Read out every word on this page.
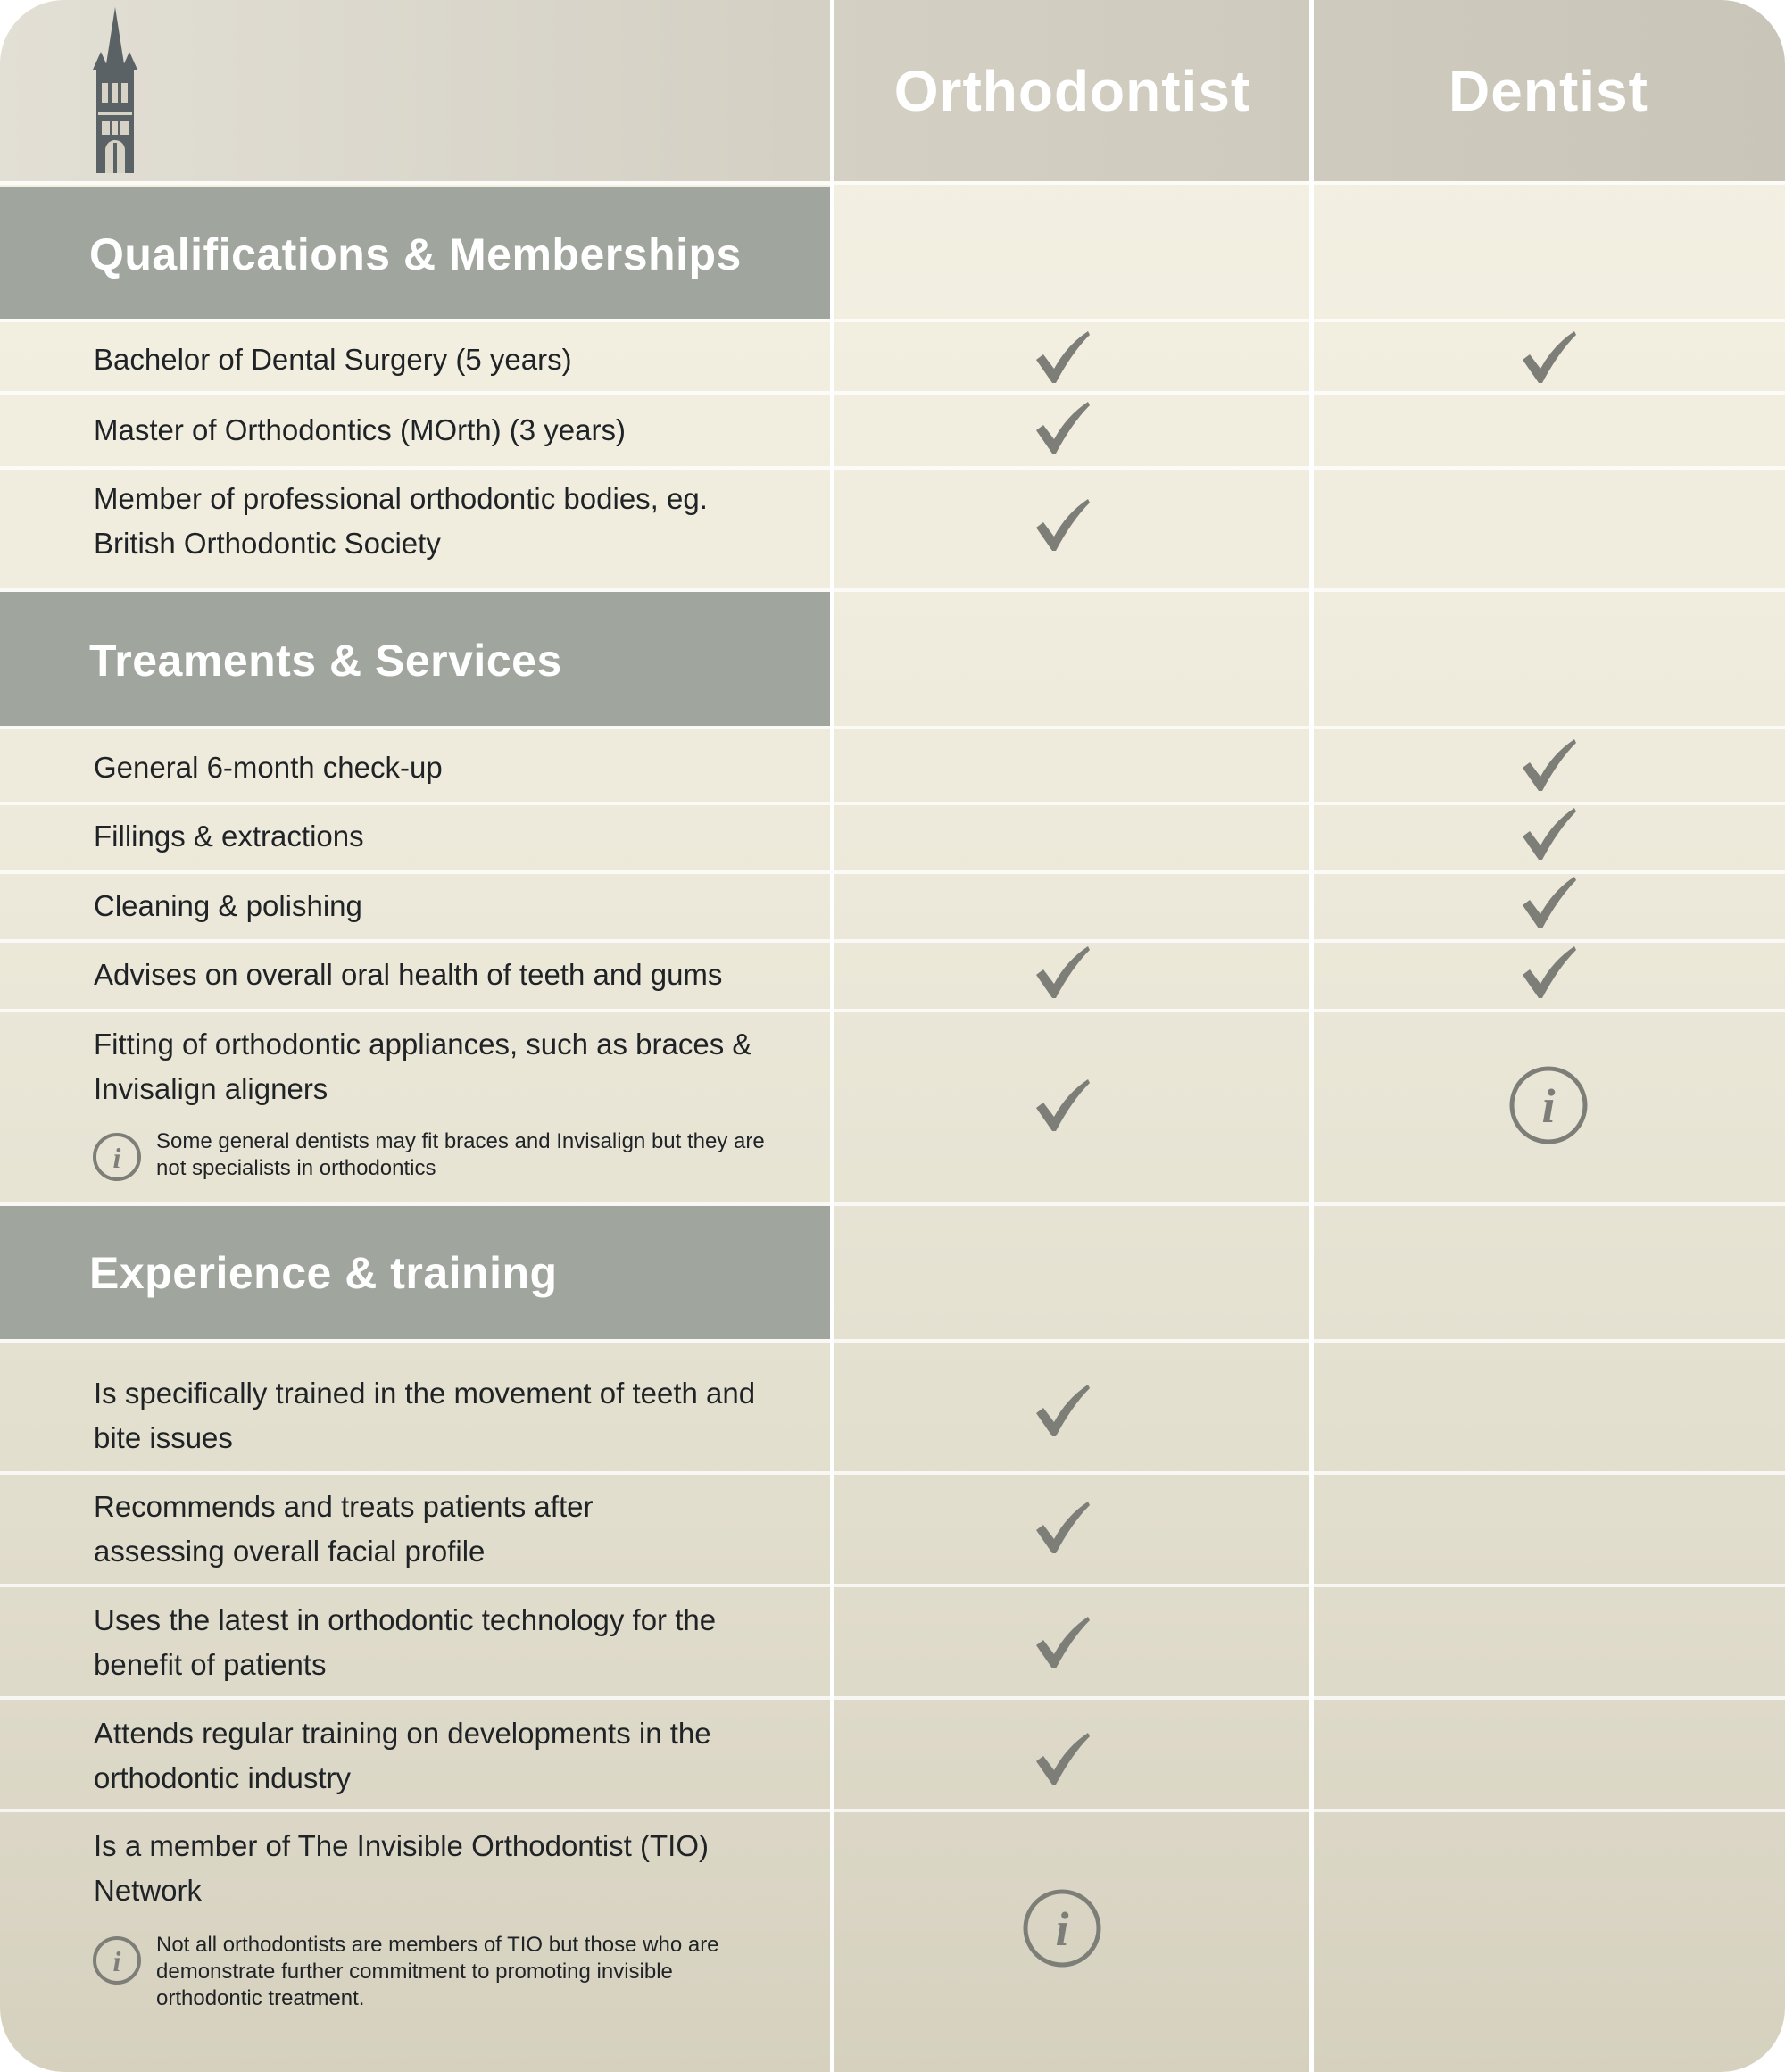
Orthodontist	Dentist
Qualifications & Memberships
Bachelor of Dental Surgery (5 years)
Master of Orthodontics (MOrth) (3 years)
Member of professional orthodontic bodies, eg. British Orthodontic Society
Treaments & Services
General 6-month check-up
Fillings & extractions
Cleaning & polishing
Advises on overall oral health of teeth and gums
Fitting of orthodontic appliances, such as braces & Invisalign aligners
i
Some general dentists may fit braces and Invisalign but they are not specialists in orthodontics
Experience & training
Is specifically trained in the movement of teeth and bite issues
Recommends and treats patients after assessing overall facial profile
Uses the latest in orthodontic technology for the benefit of patients
Attends regular training on developments in the orthodontic industry
Is a member of The Invisible Orthodontist (TIO) Network
i
Not all orthodontists are members of TIO but those who are demonstrate further commitment to promoting invisible orthodontic treatment.
i
i
